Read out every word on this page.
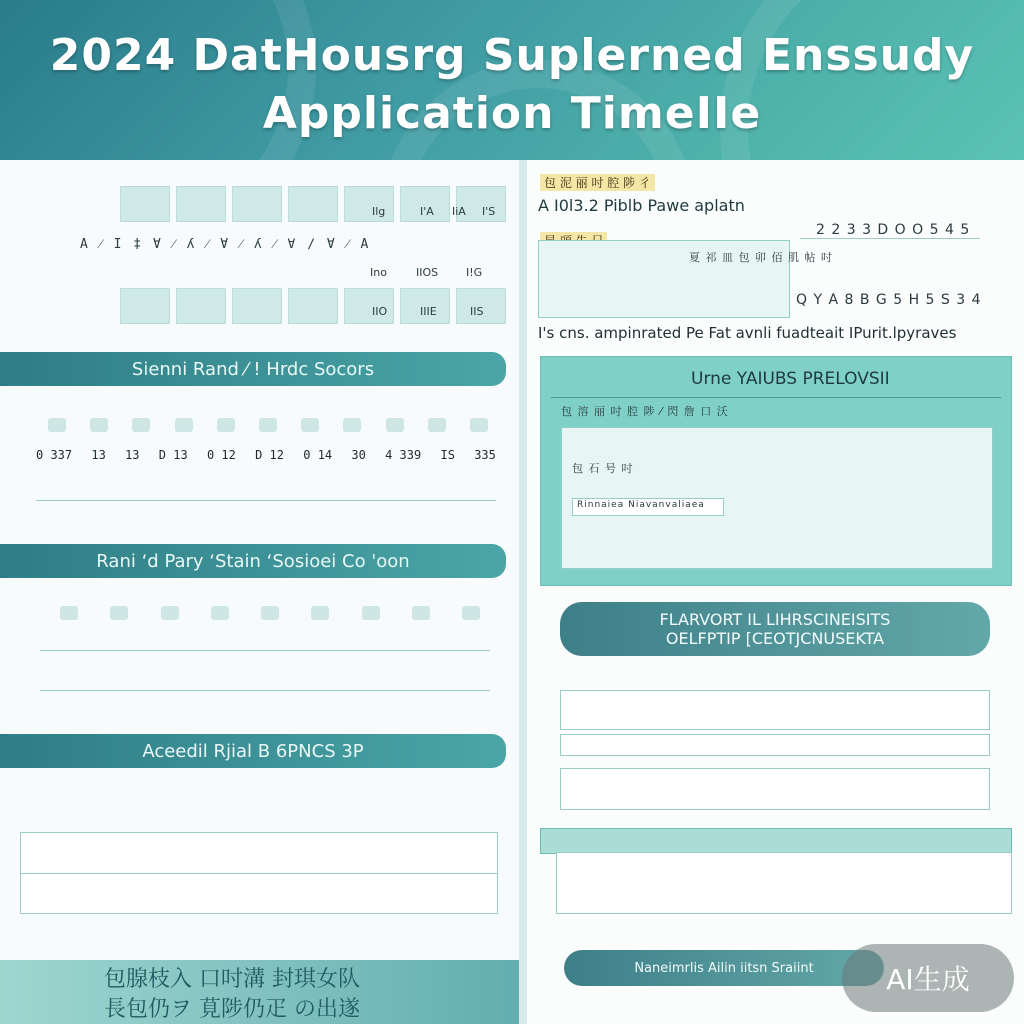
2024 DatHousrg Suplerned Enssudy
Application TimeIIe
Ilg	I'A IiA I'S
A ⁄ I ‡ Ɐ ⁄ ʎ ⁄ Ɐ ⁄ ʎ ⁄ ∀ ∕ Ɐ ⁄ A
Ino	IIOS	I!G
IIO	IIIE	IIS
Sienni Rand ⁄ ! Hrdc Socors
0 337 13 13 D 13 0 12 D 12 0 14 30 4 339 IS 335
Rani ʻd Pary ʻStain ʻSosioei Co 'oon
Aceedil Rjial B 6PNCS 3P
包腺枝入 口吋溝 封琪女队
長包仍ヲ 莧陟仍疋 の出遂
包 泥 丽 吋 腔 陟 彳
A I0l3.2 Piblb Pawe aplatn
夏 祁 皿 包 卯 佰 肌 帖 吋
2 2 3 3 D O O 5 4 5
Q Y A 8 B G 5 H 5 S 3 4
I's cns. ampinrated Pe Fat avnli fuadteait IPurit.lpyraves
Urne YAIUBS PRELOVSII
包 溶 丽 吋 腔 陟 ⁄ 閃 詹 口 沃
包 石 号 吋
Rinnaiea Niavanvaliaea
FLARVORT IL LIHRSCINEISITS
OELFPTIP [CEOTJCNUSEKTA
Naneimrlis Ailin iitsn Sraiint	AI生成
